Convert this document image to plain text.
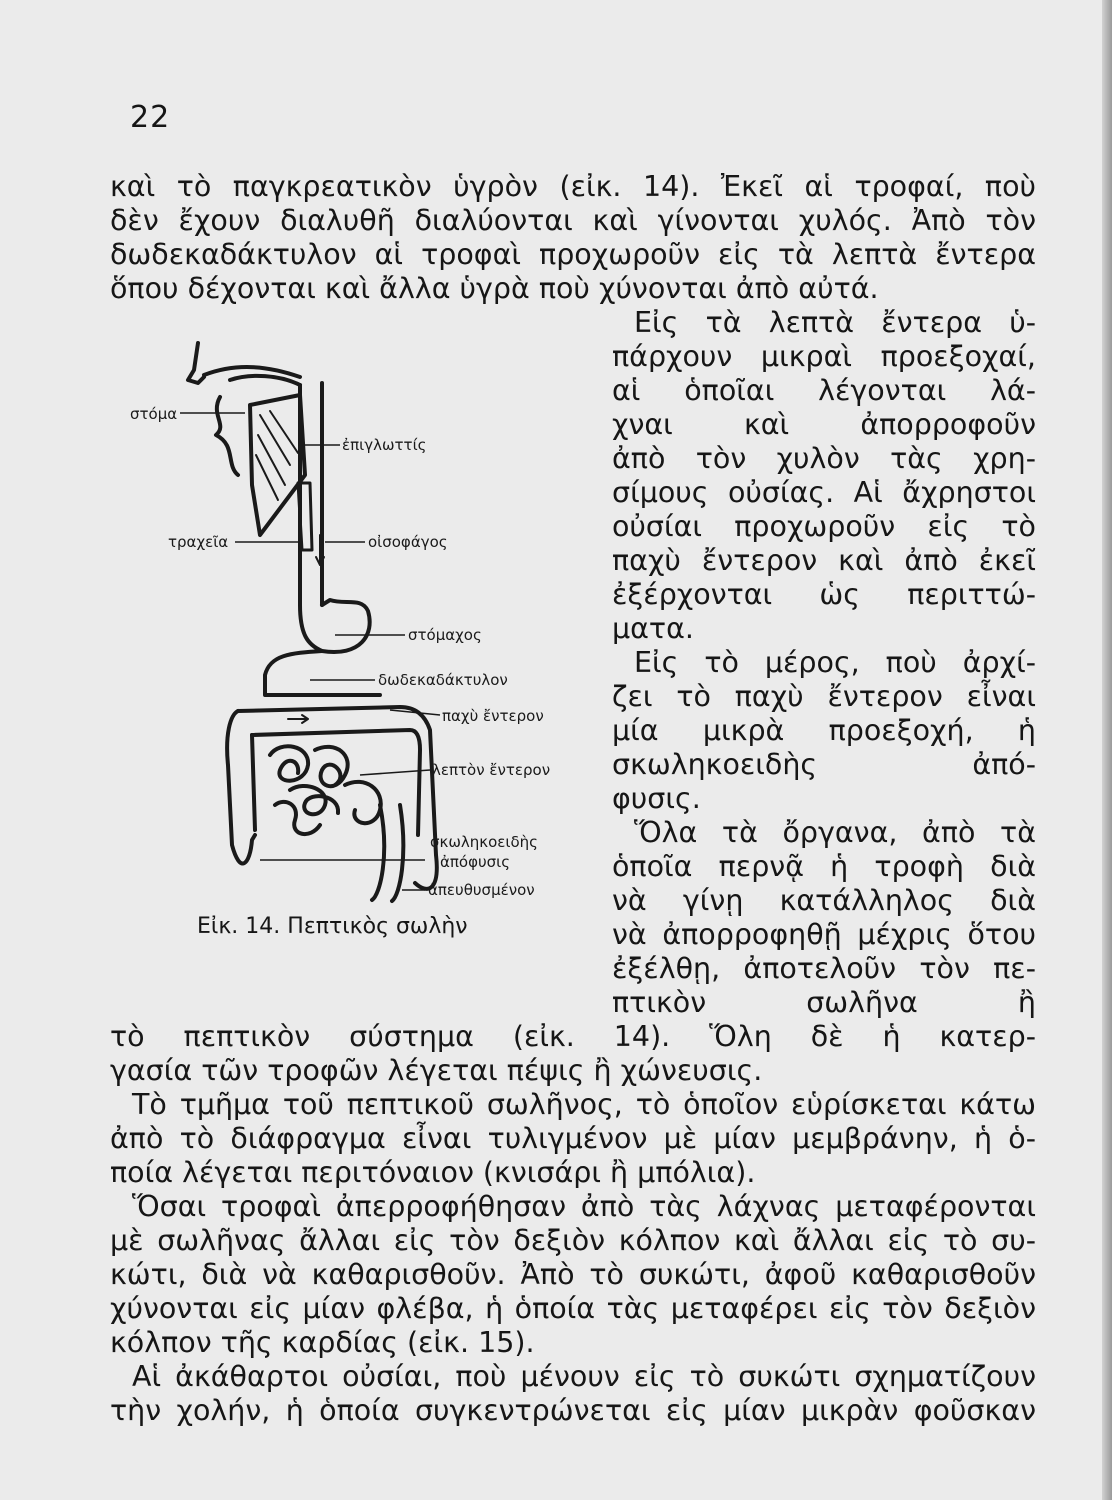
22

καὶ τὸ παγκρεατικὸν ὑγρὸν (εἰκ. 14). Ἐκεῖ αἱ τροφαί, ποὺ

δὲν ἔχουν διαλυθῆ διαλύονται καὶ γίνονται χυλός. Ἀπὸ τὸν

δωδεκαδάκτυλον αἱ τροφαὶ προχωροῦν εἰς τὰ λεπτὰ ἔντερα

ὅπου δέχονται καὶ ἄλλα ὑγρὰ ποὺ χύνονται ἀπὸ αὐτά.

Εἰς τὰ λεπτὰ ἔντερα ὑ-

πάρχουν μικραὶ προεξοχαί,

αἱ ὁποῖαι λέγονται λά-

χναι καὶ ἀπορροφοῦν

ἀπὸ τὸν χυλὸν τὰς χρη-

σίμους οὐσίας. Αἱ ἄχρηστοι

οὐσίαι προχωροῦν εἰς τὸ

παχὺ ἔντερον καὶ ἀπὸ ἐκεῖ

ἐξέρχονται ὡς περιττώ-

ματα.

Εἰς τὸ μέρος, ποὺ ἀρχί-

ζει τὸ παχὺ ἔντερον εἶναι

μία μικρὰ προεξοχή, ἡ

σκωληκοειδὴς ἀπό-

φυσις.

Ὅλα τὰ ὄργανα, ἀπὸ τὰ

ὁποῖα περνᾷ ἡ τροφὴ διὰ

νὰ γίνῃ κατάλληλος διὰ

νὰ ἀπορροφηθῇ μέχρις ὅτου

ἐξέλθῃ, ἀποτελοῦν τὸν πε-

πτικὸν σωλῆνα ἢ

τὸ πεπτικὸν σύστημα (εἰκ. 14). Ὅλη δὲ ἡ κατερ-

γασία τῶν τροφῶν λέγεται πέψις ἢ χώνευσις.

Τὸ τμῆμα τοῦ πεπτικοῦ σωλῆνος, τὸ ὁποῖον εὑρίσκεται κάτω

ἀπὸ τὸ διάφραγμα εἶναι τυλιγμένον μὲ μίαν μεμβράνην, ἡ ὁ-

ποία λέγεται περιτόναιον (κνισάρι ἢ μπόλια).

Ὅσαι τροφαὶ ἀπερροφήθησαν ἀπὸ τὰς λάχνας μεταφέρονται

μὲ σωλῆνας ἄλλαι εἰς τὸν δεξιὸν κόλπον καὶ ἄλλαι εἰς τὸ συ-

κώτι, διὰ νὰ καθαρισθοῦν. Ἀπὸ τὸ συκώτι, ἀφοῦ καθαρισθοῦν

χύνονται εἰς μίαν φλέβα, ἡ ὁποία τὰς μεταφέρει εἰς τὸν δεξιὸν

κόλπον τῆς καρδίας (εἰκ. 15).

Αἱ ἀκάθαρτοι οὐσίαι, ποὺ μένουν εἰς τὸ συκώτι σχηματίζουν

τὴν χολήν, ἡ ὁποία συγκεντρώνεται εἰς μίαν μικρὰν φοῦσκαν

στόμα
ἐπιγλωττίς
τραχεῖα	οἰσοφάγος
στόμαχος
δωδεκαδάκτυλον
παχὺ ἔντερον
λεπτὸν ἔντερον
σκωληκοειδὴς
ἀπόφυσις
ἀπευθυσμένον
Εἰκ. 14. Πεπτικὸς σωλὴν
